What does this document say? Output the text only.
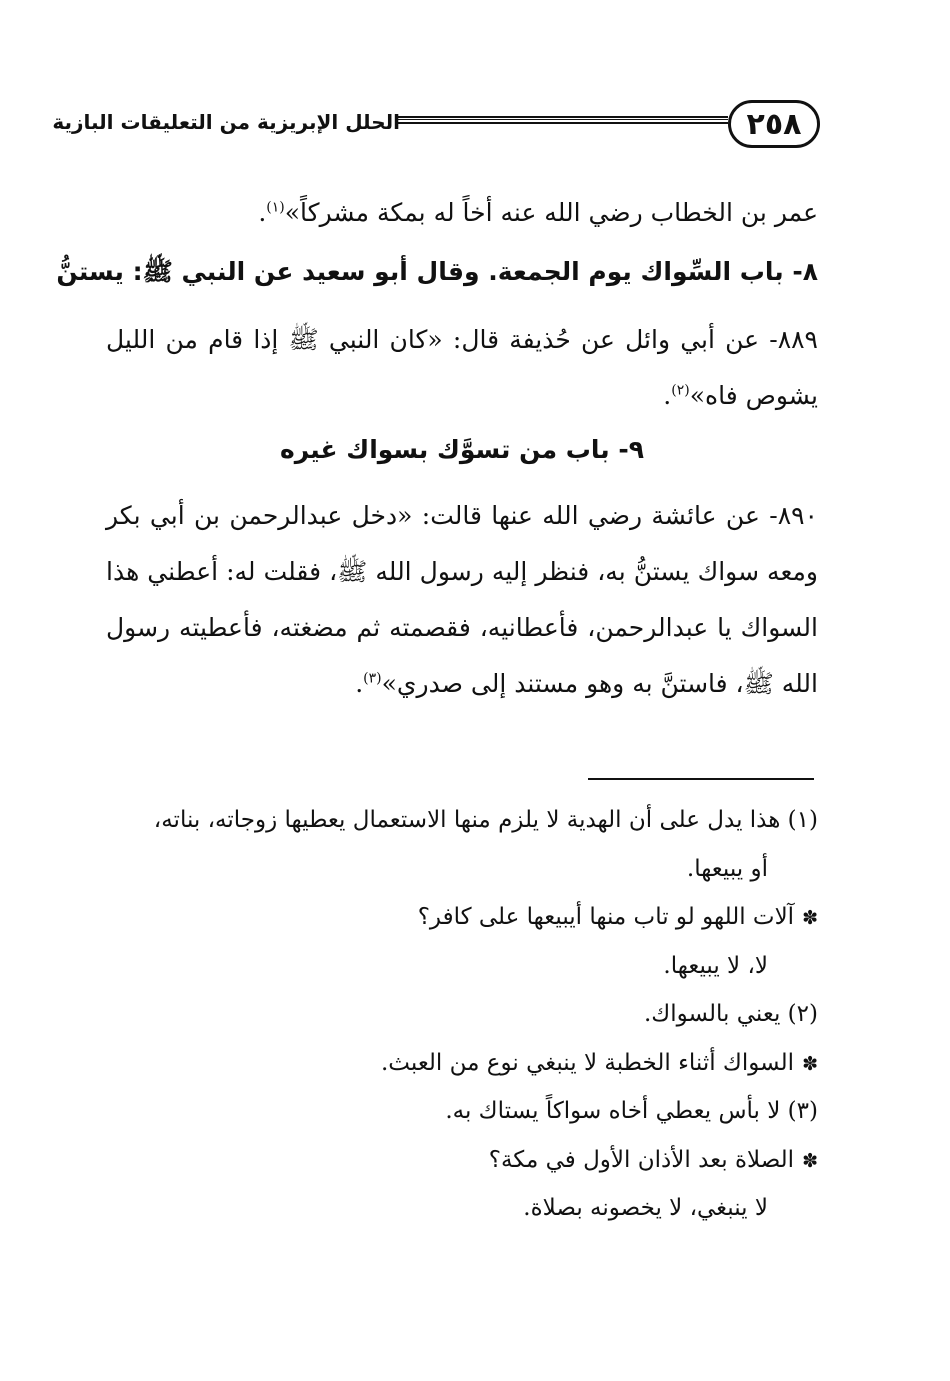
٢٥٨
الحلل الإبريزية من التعليقات البازية
عمر بن الخطاب رضي الله عنه أخاً له بمكة مشركاً»$^{(١)}$.
٨- باب السِّواك يوم الجمعة. وقال أبو سعيد عن النبي ﷺ: يستنُّ
٨٨٩- عن أبي وائل عن حُذيفة قال: «كان النبي ﷺ إذا قام من الليل يشوص فاه»$^{(٢)}$.
٩- باب من تسوَّك بسواك غيره
٨٩٠- عن عائشة رضي الله عنها قالت: «دخل عبدالرحمن بن أبي بكر ومعه سواك يستنُّ به، فنظر إليه رسول الله ﷺ، فقلت له: أعطني هذا السواك يا عبدالرحمن، فأعطانيه، فقصمته ثم مضغته، فأعطيته رسول الله ﷺ، فاستنَّ به وهو مستند إلى صدري»$^{(٣)}$.
(١) هذا يدل على أن الهدية لا يلزم منها الاستعمال يعطيها زوجاته، بناته،
أو يبيعها.
✽آلات اللهو لو تاب منها أيبيعها على كافر؟
لا، لا يبيعها.
(٢) يعني بالسواك.
✽السواك أثناء الخطبة لا ينبغي نوع من العبث.
(٣) لا بأس يعطي أخاه سواكاً يستاك به.
✽الصلاة بعد الأذان الأول في مكة؟
لا ينبغي، لا يخصونه بصلاة.
